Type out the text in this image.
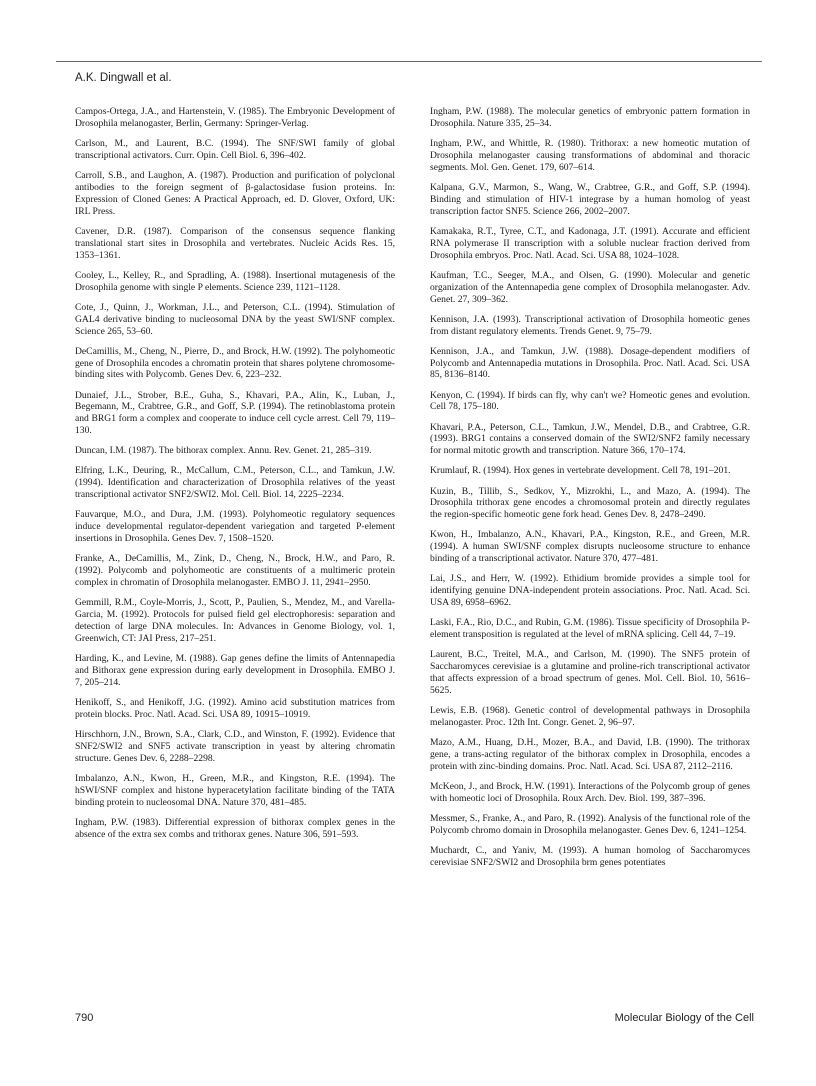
A.K. Dingwall et al.

Campos-Ortega, J.A., and Hartenstein, V. (1985). The Embryonic Development of Drosophila melanogaster, Berlin, Germany: Springer-Verlag.

Carlson, M., and Laurent, B.C. (1994). The SNF/SWI family of global transcriptional activators. Curr. Opin. Cell Biol. 6, 396–402.

Carroll, S.B., and Laughon, A. (1987). Production and purification of polyclonal antibodies to the foreign segment of β-galactosidase fusion proteins. In: Expression of Cloned Genes: A Practical Approach, ed. D. Glover, Oxford, UK: IRL Press.

Cavener, D.R. (1987). Comparison of the consensus sequence flanking translational start sites in Drosophila and vertebrates. Nucleic Acids Res. 15, 1353–1361.

Cooley, L., Kelley, R., and Spradling, A. (1988). Insertional mutagenesis of the Drosophila genome with single P elements. Science 239, 1121–1128.

Cote, J., Quinn, J., Workman, J.L., and Peterson, C.L. (1994). Stimulation of GAL4 derivative binding to nucleosomal DNA by the yeast SWI/SNF complex. Science 265, 53–60.

DeCamillis, M., Cheng, N., Pierre, D., and Brock, H.W. (1992). The polyhomeotic gene of Drosophila encodes a chromatin protein that shares polytene chromosome-binding sites with Polycomb. Genes Dev. 6, 223–232.

Dunaief, J.L., Strober, B.E., Guha, S., Khavari, P.A., Alin, K., Luban, J., Begemann, M., Crabtree, G.R., and Goff, S.P. (1994). The retinoblastoma protein and BRG1 form a complex and cooperate to induce cell cycle arrest. Cell 79, 119–130.

Duncan, I.M. (1987). The bithorax complex. Annu. Rev. Genet. 21, 285–319.

Elfring, L.K., Deuring, R., McCallum, C.M., Peterson, C.L., and Tamkun, J.W. (1994). Identification and characterization of Drosophila relatives of the yeast transcriptional activator SNF2/SWI2. Mol. Cell. Biol. 14, 2225–2234.

Fauvarque, M.O., and Dura, J.M. (1993). Polyhomeotic regulatory sequences induce developmental regulator-dependent variegation and targeted P-element insertions in Drosophila. Genes Dev. 7, 1508–1520.

Franke, A., DeCamillis, M., Zink, D., Cheng, N., Brock, H.W., and Paro, R. (1992). Polycomb and polyhomeotic are constituents of a multimeric protein complex in chromatin of Drosophila melanogaster. EMBO J. 11, 2941–2950.

Gemmill, R.M., Coyle-Morris, J., Scott, P., Paulien, S., Mendez, M., and Varella-Garcia, M. (1992). Protocols for pulsed field gel electrophoresis: separation and detection of large DNA molecules. In: Advances in Genome Biology, vol. 1, Greenwich, CT: JAI Press, 217–251.

Harding, K., and Levine, M. (1988). Gap genes define the limits of Antennapedia and Bithorax gene expression during early development in Drosophila. EMBO J. 7, 205–214.

Henikoff, S., and Henikoff, J.G. (1992). Amino acid substitution matrices from protein blocks. Proc. Natl. Acad. Sci. USA 89, 10915–10919.

Hirschhorn, J.N., Brown, S.A., Clark, C.D., and Winston, F. (1992). Evidence that SNF2/SWI2 and SNF5 activate transcription in yeast by altering chromatin structure. Genes Dev. 6, 2288–2298.

Imbalanzo, A.N., Kwon, H., Green, M.R., and Kingston, R.E. (1994). The hSWI/SNF complex and histone hyperacetylation facilitate binding of the TATA binding protein to nucleosomal DNA. Nature 370, 481–485.

Ingham, P.W. (1983). Differential expression of bithorax complex genes in the absence of the extra sex combs and trithorax genes. Nature 306, 591–593.

Ingham, P.W. (1988). The molecular genetics of embryonic pattern formation in Drosophila. Nature 335, 25–34.

Ingham, P.W., and Whittle, R. (1980). Trithorax: a new homeotic mutation of Drosophila melanogaster causing transformations of abdominal and thoracic segments. Mol. Gen. Genet. 179, 607–614.

Kalpana, G.V., Marmon, S., Wang, W., Crabtree, G.R., and Goff, S.P. (1994). Binding and stimulation of HIV-1 integrase by a human homolog of yeast transcription factor SNF5. Science 266, 2002–2007.

Kamakaka, R.T., Tyree, C.T., and Kadonaga, J.T. (1991). Accurate and efficient RNA polymerase II transcription with a soluble nuclear fraction derived from Drosophila embryos. Proc. Natl. Acad. Sci. USA 88, 1024–1028.

Kaufman, T.C., Seeger, M.A., and Olsen, G. (1990). Molecular and genetic organization of the Antennapedia gene complex of Drosophila melanogaster. Adv. Genet. 27, 309–362.

Kennison, J.A. (1993). Transcriptional activation of Drosophila homeotic genes from distant regulatory elements. Trends Genet. 9, 75–79.

Kennison, J.A., and Tamkun, J.W. (1988). Dosage-dependent modifiers of Polycomb and Antennapedia mutations in Drosophila. Proc. Natl. Acad. Sci. USA 85, 8136–8140.

Kenyon, C. (1994). If birds can fly, why can't we? Homeotic genes and evolution. Cell 78, 175–180.

Khavari, P.A., Peterson, C.L., Tamkun, J.W., Mendel, D.B., and Crabtree, G.R. (1993). BRG1 contains a conserved domain of the SWI2/SNF2 family necessary for normal mitotic growth and transcription. Nature 366, 170–174.

Krumlauf, R. (1994). Hox genes in vertebrate development. Cell 78, 191–201.

Kuzin, B., Tillib, S., Sedkov, Y., Mizrokhi, L., and Mazo, A. (1994). The Drosophila trithorax gene encodes a chromosomal protein and directly regulates the region-specific homeotic gene fork head. Genes Dev. 8, 2478–2490.

Kwon, H., Imbalanzo, A.N., Khavari, P.A., Kingston, R.E., and Green, M.R. (1994). A human SWI/SNF complex disrupts nucleosome structure to enhance binding of a transcriptional activator. Nature 370, 477–481.

Lai, J.S., and Herr, W. (1992). Ethidium bromide provides a simple tool for identifying genuine DNA-independent protein associations. Proc. Natl. Acad. Sci. USA 89, 6958–6962.

Laski, F.A., Rio, D.C., and Rubin, G.M. (1986). Tissue specificity of Drosophila P-element transposition is regulated at the level of mRNA splicing. Cell 44, 7–19.

Laurent, B.C., Treitel, M.A., and Carlson, M. (1990). The SNF5 protein of Saccharomyces cerevisiae is a glutamine and proline-rich transcriptional activator that affects expression of a broad spectrum of genes. Mol. Cell. Biol. 10, 5616–5625.

Lewis, E.B. (1968). Genetic control of developmental pathways in Drosophila melanogaster. Proc. 12th Int. Congr. Genet. 2, 96–97.

Mazo, A.M., Huang, D.H., Mozer, B.A., and David, I.B. (1990). The trithorax gene, a trans-acting regulator of the bithorax complex in Drosophila, encodes a protein with zinc-binding domains. Proc. Natl. Acad. Sci. USA 87, 2112–2116.

McKeon, J., and Brock, H.W. (1991). Interactions of the Polycomb group of genes with homeotic loci of Drosophila. Roux Arch. Dev. Biol. 199, 387–396.

Messmer, S., Franke, A., and Paro, R. (1992). Analysis of the functional role of the Polycomb chromo domain in Drosophila melanogaster. Genes Dev. 6, 1241–1254.

Muchardt, C., and Yaniv, M. (1993). A human homolog of Saccharomyces cerevisiae SNF2/SWI2 and Drosophila brm genes potentiates

790	Molecular Biology of the Cell
